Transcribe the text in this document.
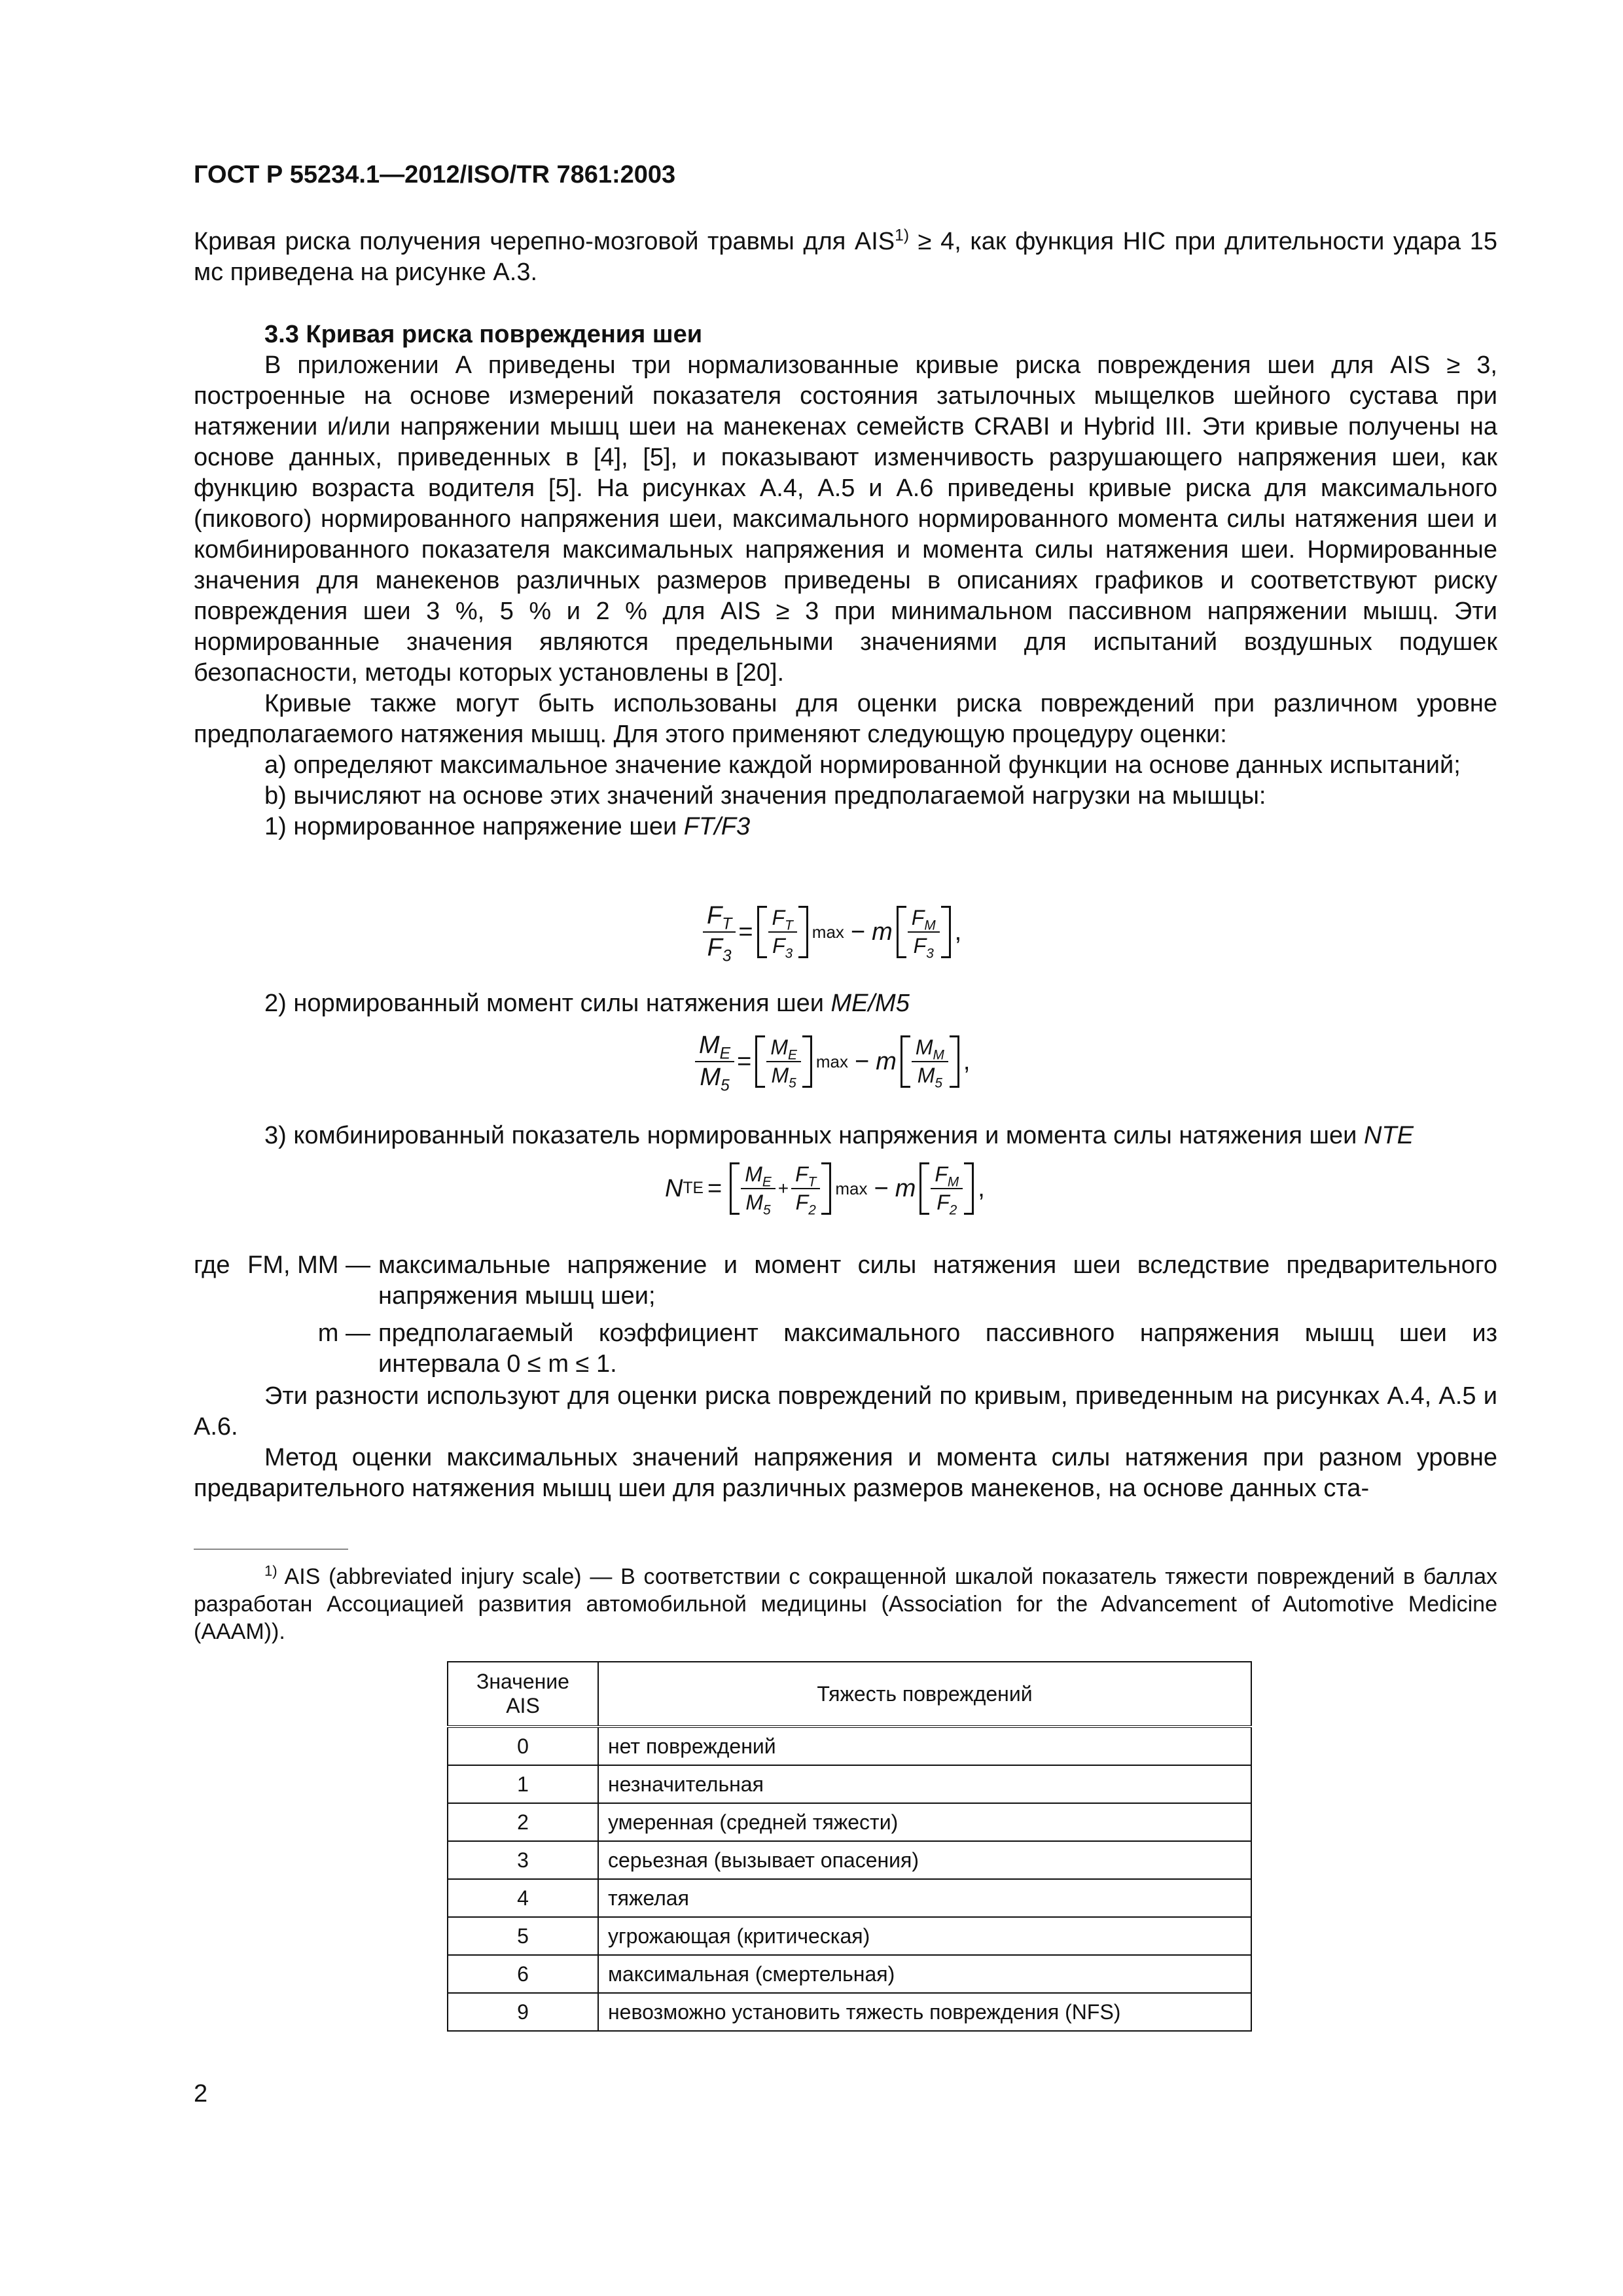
ГОСТ Р 55234.1—2012/ISO/TR 7861:2003

Кривая риска получения черепно-мозговой травмы для $AIS^{1)} \ge 4$, как функция HIC при длительности удара 15 мс приведена на рисунке А.3.

3.3 Кривая риска повреждения шеи

В приложении А приведены три нормализованные кривые риска повреждения шеи для AIS ≥ 3, построенные на основе измерений показателя состояния затылочных мыщелков шейного сустава при натяжении и/или напряжении мышц шеи на манекенах семейств CRABI и Hybrid III. Эти кривые получены на основе данных, приведенных в [4], [5], и показывают изменчивость разрушающего напряжения шеи, как функцию возраста водителя [5]. На рисунках А.4, А.5 и А.6 приведены кривые риска для максимального (пикового) нормированного напряжения шеи, максимального нормированного момента силы натяжения шеи и комбинированного показателя максимальных напряжения и момента силы натяжения шеи. Нормированные значения для манекенов различных размеров приведены в описаниях графиков и соответствуют риску повреждения шеи 3 %, 5 % и 2 % для AIS ≥ 3 при минимальном пассивном напряжении мышц. Эти нормированные значения являются предельными значениями для испытаний воздушных подушек безопасности, методы которых установлены в [20].

Кривые также могут быть использованы для оценки риска повреждений при различном уровне предполагаемого натяжения мышц. Для этого применяют следующую процедуру оценки:

a) определяют максимальное значение каждой нормированной функции на основе данных испытаний;

b) вычисляют на основе этих значений значения предполагаемой нагрузки на мышцы:

1) нормированное напряжение шеи FT/F3

$\frac{F_T}{F_3} = \frac{F_T}{F_3}$ max − m $\frac{F_M}{F_3}$ ,

2) нормированный момент силы натяжения шеи ME/M5

$\frac{M_E}{M_5} = \frac{M_E}{M_5}$ max − m $\frac{M_M}{M_5}$ ,

3) комбинированный показатель нормированных напряжения и момента силы натяжения шеи NTE

N TE = $\frac{M_E}{M_5} + \frac{F_T}{F_2}$ max − m $\frac{F_M}{F_2}$ ,
где FM, MM — максимальные напряжение и момент силы натяжения шеи вследствие предварительного напряжения мышц шеи;
m — предполагаемый коэффициент максимального пассивного напряжения мышц шеи из интервала 0 ≤ m ≤ 1.

Эти разности используют для оценки риска повреждений по кривым, приведенным на рисунках А.4, А.5 и А.6.

Метод оценки максимальных значений напряжения и момента силы натяжения при разном уровне предварительного натяжения мышц шеи для различных размеров манекенов, на основе данных ста-

$^{1)}$ AIS (abbreviated injury scale) — В соответствии с сокращенной шкалой показатель тяжести повреждений в баллах разработан Ассоциацией развития автомобильной медицины (Association for the Advancement of Automotive Medicine (AAAM)).

Значение AIS	Тяжесть повреждений
0	нет повреждений
1	незначительная
2	умеренная (средней тяжести)
3	серьезная (вызывает опасения)
4	тяжелая
5	угрожающая (критическая)
6	максимальная (смертельная)
9	невозможно установить тяжесть повреждения (NFS)
2
